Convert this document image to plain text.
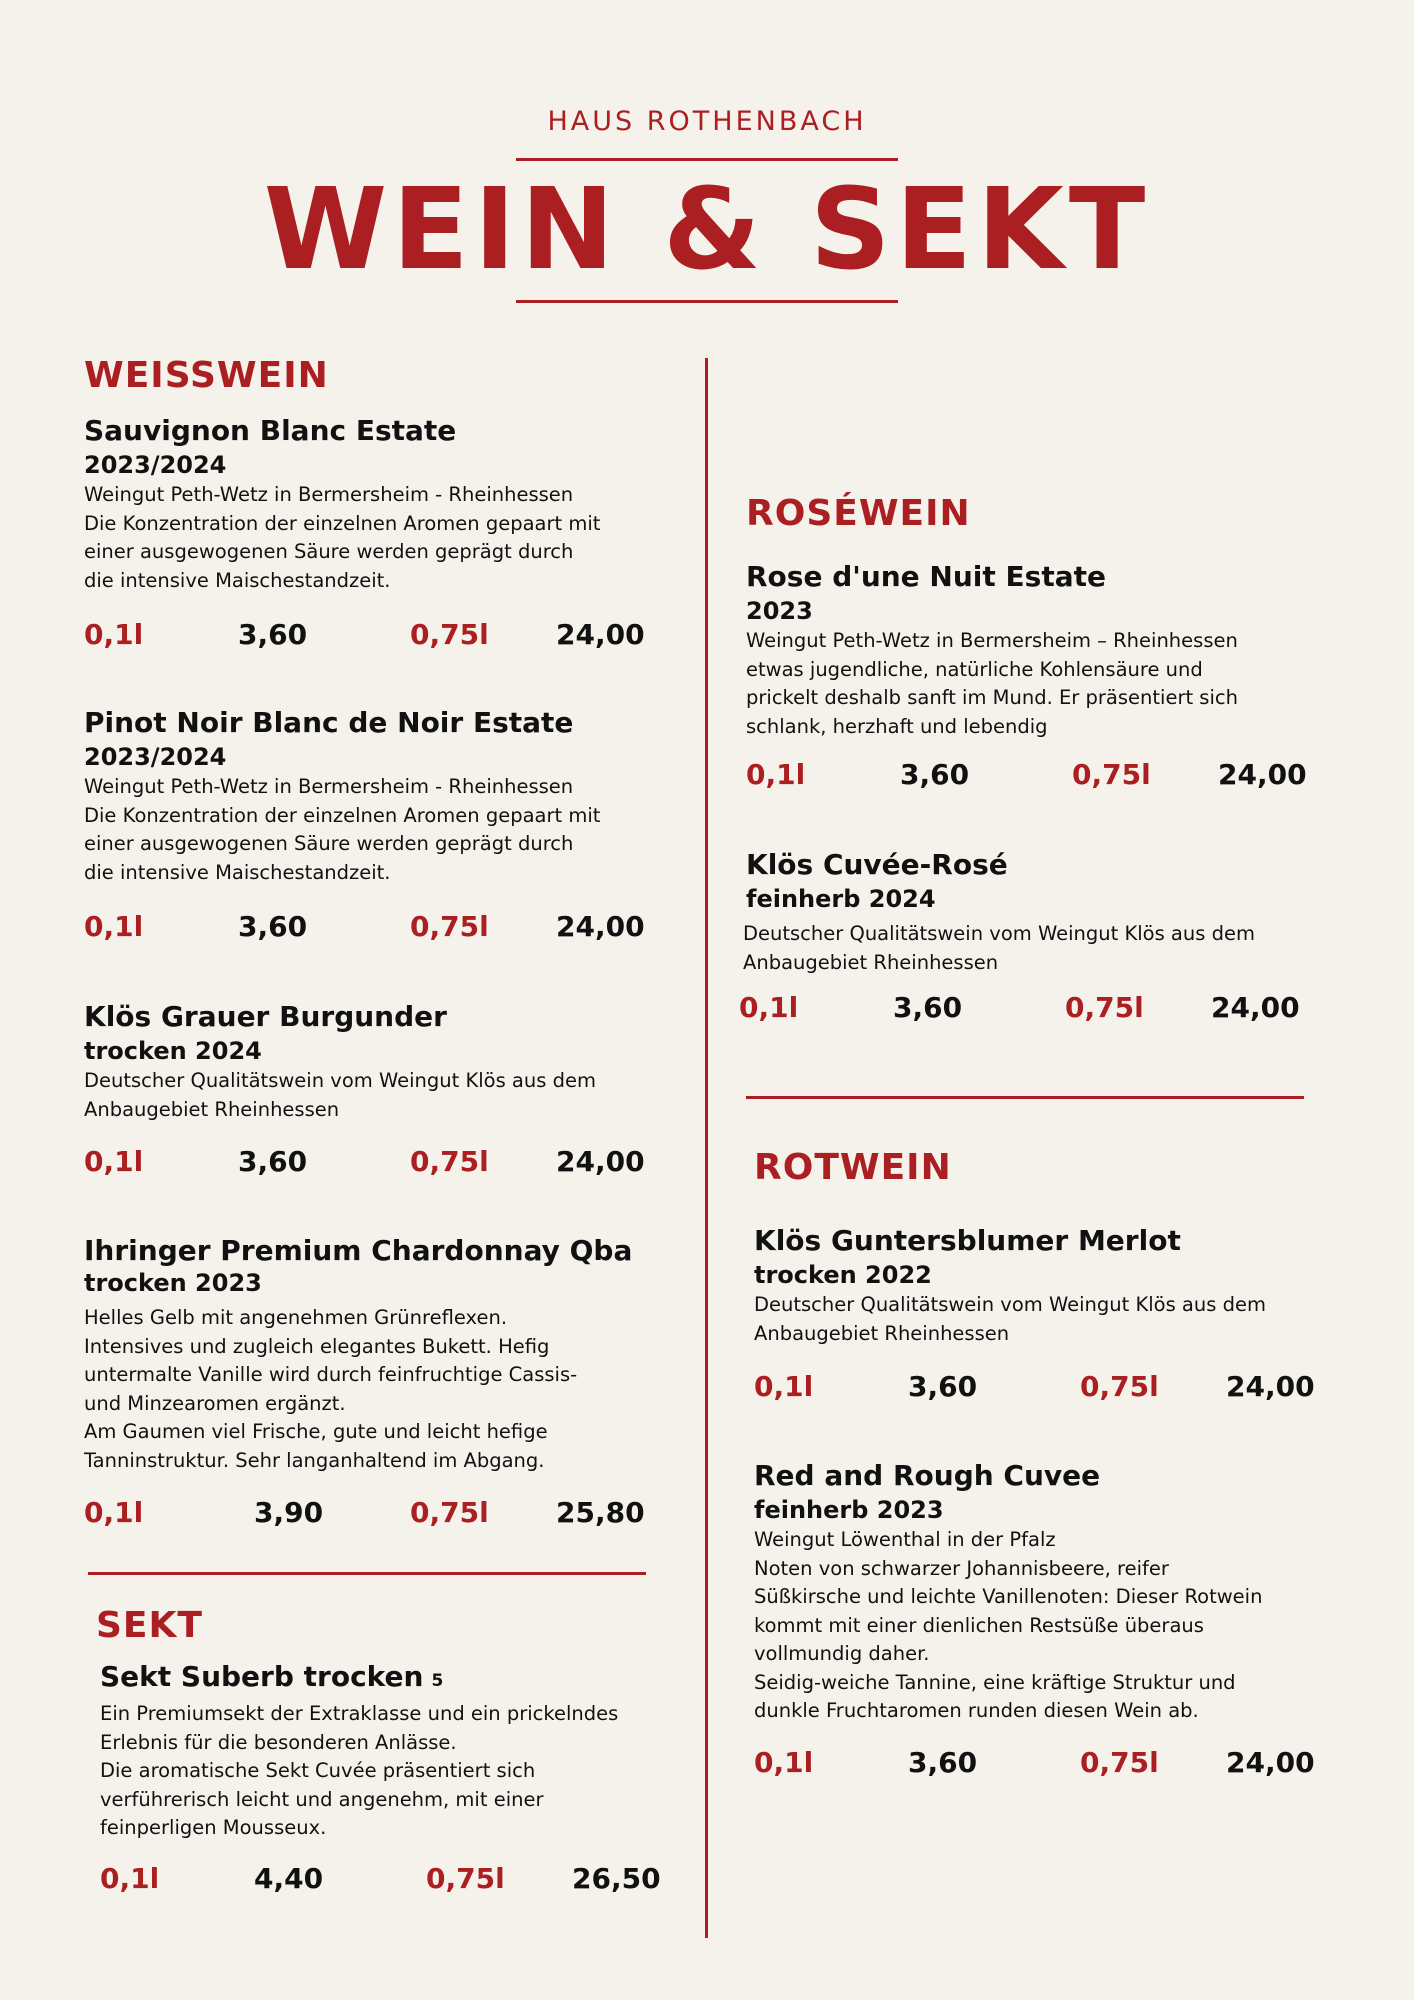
HAUS ROTHENBACH
WEIN & SEKT
WEISSWEIN
Sauvignon Blanc Estate
2023/2024
Weingut Peth-Wetz in Bermersheim - Rheinhessen
Die Konzentration der einzelnen Aromen gepaart mit
einer ausgewogenen Säure werden geprägt durch
die intensive Maischestandzeit.
0,1l	3,60	0,75l 24,00
Pinot Noir Blanc de Noir Estate
2023/2024
Weingut Peth-Wetz in Bermersheim - Rheinhessen
Die Konzentration der einzelnen Aromen gepaart mit
einer ausgewogenen Säure werden geprägt durch
die intensive Maischestandzeit.
0,1l	3,60	0,75l 24,00
Klös Grauer Burgunder
trocken 2024
Deutscher Qualitätswein vom Weingut Klös aus dem
Anbaugebiet Rheinhessen
0,1l	3,60	0,75l 24,00
Ihringer Premium Chardonnay Qba
trocken 2023
Helles Gelb mit angenehmen Grünreflexen.
Intensives und zugleich elegantes Bukett. Hefig
untermalte Vanille wird durch feinfruchtige Cassis-
und Minzearomen ergänzt.
Am Gaumen viel Frische, gute und leicht hefige
Tanninstruktur. Sehr langanhaltend im Abgang.
0,1l	3,90	0,75l 25,80
SEKT
Sekt Suberb trocken 5
Ein Premiumsekt der Extraklasse und ein prickelndes
Erlebnis für die besonderen Anlässe.
Die aromatische Sekt Cuvée präsentiert sich
verführerisch leicht und angenehm, mit einer
feinperligen Mousseux.
0,1l	4,40	0,75l 26,50
ROSÉWEIN
Rose d'une Nuit Estate
2023
Weingut Peth-Wetz in Bermersheim – Rheinhessen
etwas jugendliche, natürliche Kohlensäure und
prickelt deshalb sanft im Mund. Er präsentiert sich
schlank, herzhaft und lebendig
0,1l	3,60	0,75l 24,00
Klös Cuvée-Rosé
feinherb 2024
Deutscher Qualitätswein vom Weingut Klös aus dem
Anbaugebiet Rheinhessen
0,1l	3,60	0,75l 24,00
ROTWEIN
Klös Guntersblumer Merlot
trocken 2022
Deutscher Qualitätswein vom Weingut Klös aus dem
Anbaugebiet Rheinhessen
0,1l	3,60	0,75l 24,00
Red and Rough Cuvee
feinherb 2023
Weingut Löwenthal in der Pfalz
Noten von schwarzer Johannisbeere, reifer
Süßkirsche und leichte Vanillenoten: Dieser Rotwein
kommt mit einer dienlichen Restsüße überaus
vollmundig daher.
Seidig-weiche Tannine, eine kräftige Struktur und
dunkle Fruchtaromen runden diesen Wein ab.
0,1l	3,60	0,75l 24,00
